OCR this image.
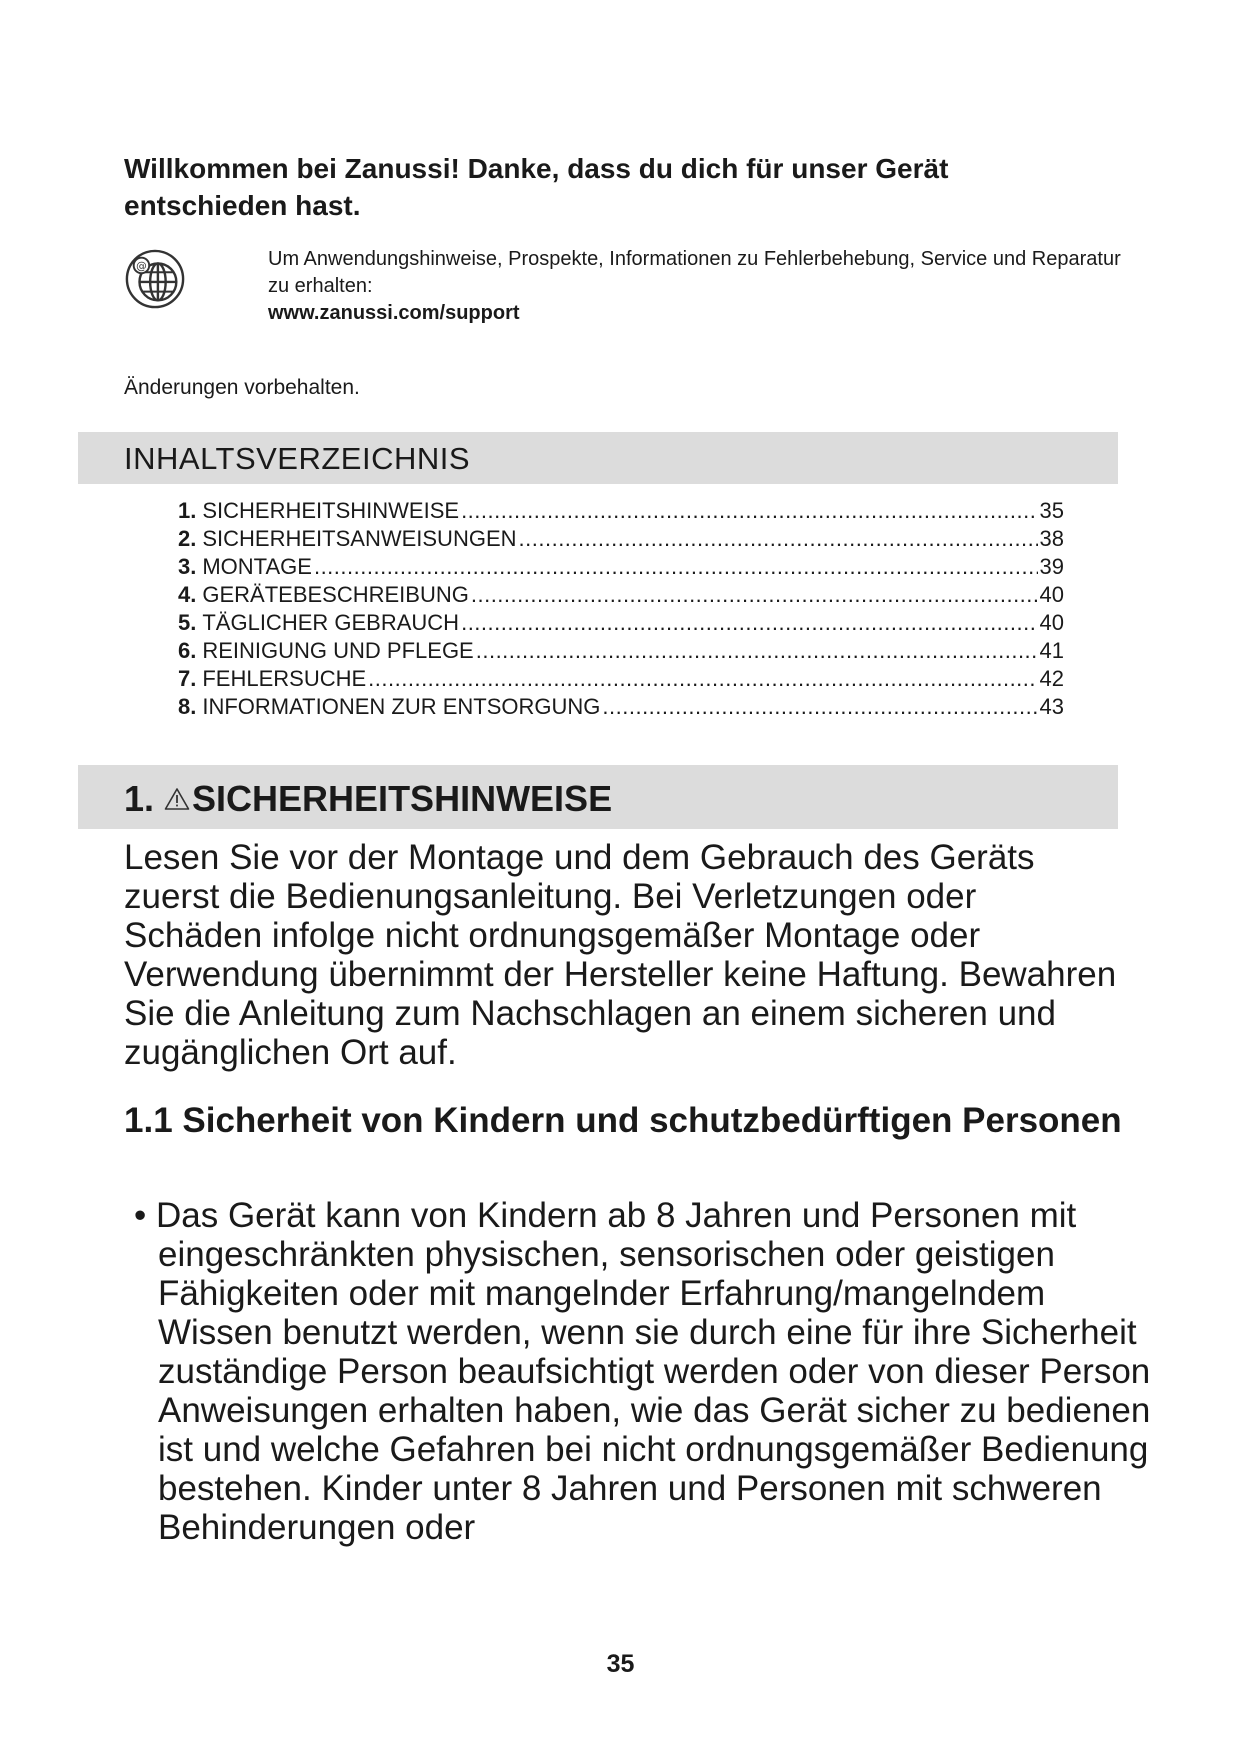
Willkommen bei Zanussi! Danke, dass du dich für unser Gerät entschieden hast.
@	Um Anwendungshinweise, Prospekte, Informationen zu Fehlerbehebung, Service und Reparatur zu erhalten:
www.zanussi.com/support
Änderungen vorbehalten.
INHALTSVERZEICHNIS
1. SICHERHEITSHINWEISE .....	35
2. SICHERHEITSANWEISUNGEN .....	38
3. MONTAGE .....	39
4. GERÄTEBESCHREIBUNG .....	40
5. TÄGLICHER GEBRAUCH .....	40
6. REINIGUNG UND PFLEGE .....	41
7. FEHLERSUCHE .....	42
8. INFORMATIONEN ZUR ENTSORGUNG .....	43
1. SICHERHEITSHINWEISE

Lesen Sie vor der Montage und dem Gebrauch des Geräts zuerst die Bedienungsanleitung. Bei Verletzungen oder Schäden infolge nicht ordnungsgemäßer Montage oder Verwendung übernimmt der Hersteller keine Haftung. Bewahren Sie die Anleitung zum Nachschlagen an einem sicheren und zugänglichen Ort auf.

1.1 Sicherheit von Kindern und schutzbedürftigen Personen

• Das Gerät kann von Kindern ab 8 Jahren und Personen mit eingeschränkten physischen, sensorischen oder geistigen Fähigkeiten oder mit mangelnder Erfahrung/mangelndem Wissen benutzt werden, wenn sie durch eine für ihre Sicherheit zuständige Person beaufsichtigt werden oder von dieser Person Anweisungen erhalten haben, wie das Gerät sicher zu bedienen ist und welche Gefahren bei nicht ordnungsgemäßer Bedienung bestehen. Kinder unter 8 Jahren und Personen mit schweren Behinderungen oder

35
